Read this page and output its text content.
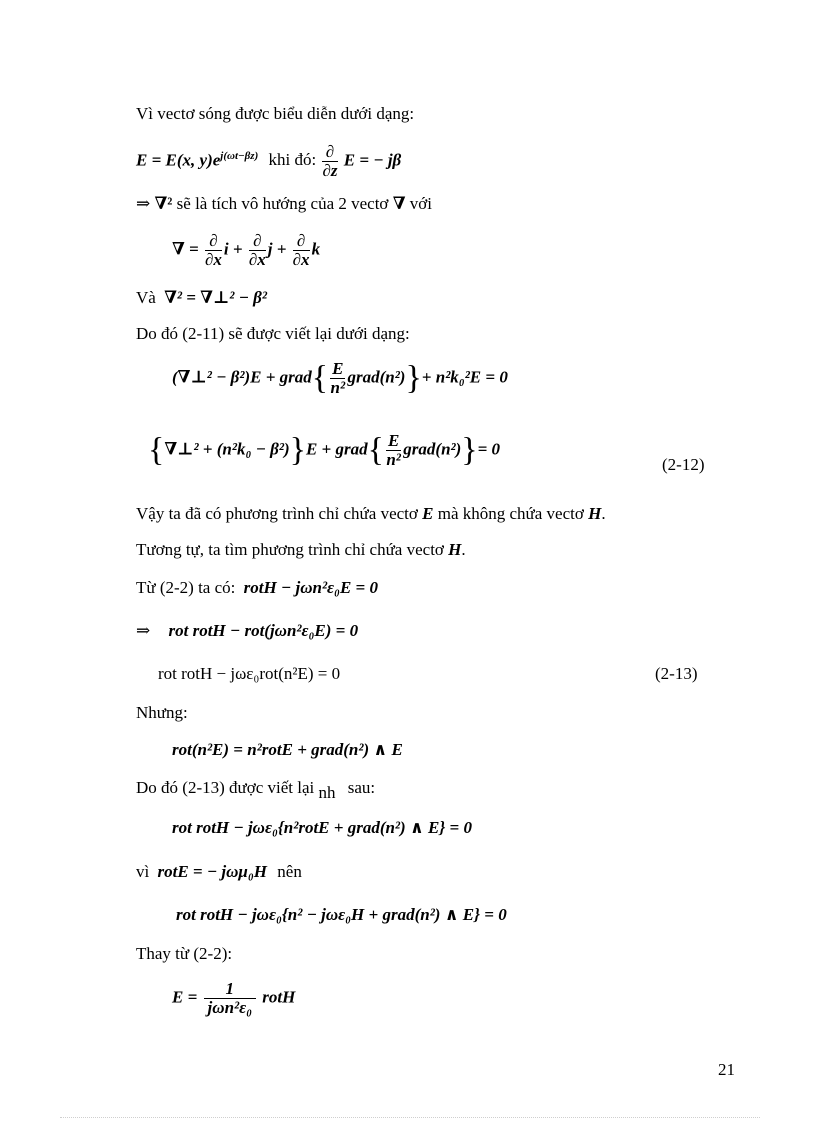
Vì vectơ sóng được biểu diễn dưới dạng:
E = E(x, $y)e^{j(\omega t-\beta z)}$ khi đó: $\frac{\partial}{\partial z}$ E = − jβ
⇒ ∇² sẽ là tích vô hướng của 2 vectơ ∇ với
∇ = $\frac{\partial}{\partial x}$ $i + \frac{\partial}{\partial x}$ $j + \frac{\partial}{\partial x}$ k
Và ∇² = ∇⊥² − β²
Do đó (2-11) sẽ được viết lại dưới dạng:
(∇⊥² − β²)E + grad{ $\frac{E}{\text{n²}}$ grad(n²)}+ n²k₀²E = 0
{∇⊥² + (n²k₀ − β²)}E + grad{ $\frac{E}{\text{n²}}$ grad(n²)}= 0
(2-12)
Vậy ta đã có phương trình chỉ chứa vectơ E mà không chứa vectơ H.
Tương tự, ta tìm phương trình chỉ chứa vectơ H.
Từ (2-2) ta có: rotH − jωn²ε₀E = 0
⇒ rot rotH − rot(jωn²ε₀E) = 0
rot rotH − jωε₀rot(n²E) = 0	(2-13)
Nhưng:
rot(n²E) = n²rotE + grad(n²) ∧ E
Do đó (2-13) được viết lại nh sau:
rot rotH − jωε₀{n²rotE + grad(n²) ∧ E} = 0
vì rotE = − jωμ₀H nên
rot rotH − jωε₀{n² − jωε₀H + grad(n²) ∧ E} = 0
Thay từ (2-2):
$E = \frac{1}{\text{jωn²ε₀}}$ rotH
21
